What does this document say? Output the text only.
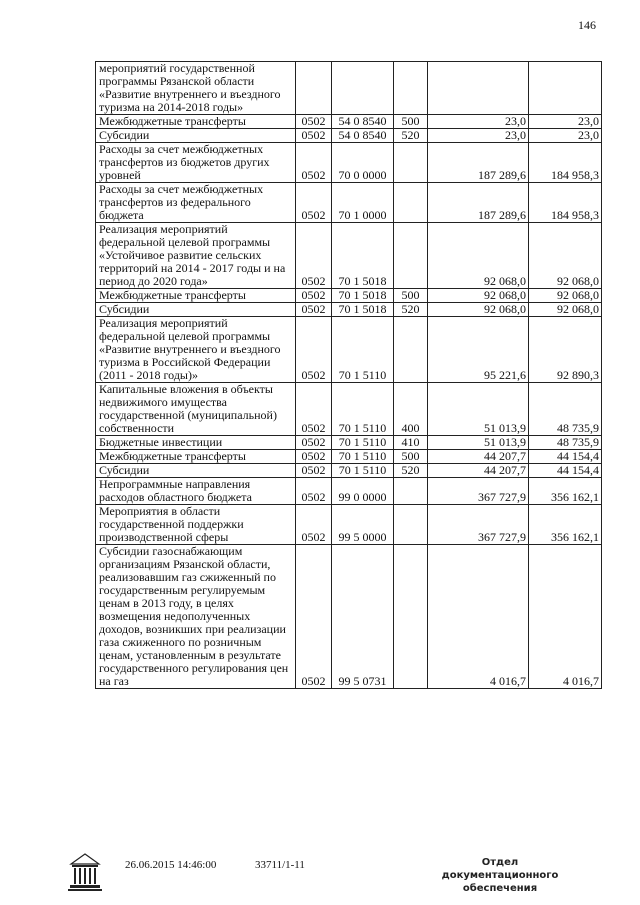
146
мероприятий государственной программы Рязанской области «Развитие внутреннего и въездного туризма на 2014-2018 годы»					
Межбюджетные трансферты	0502	54 0 8540	500	23,0	23,0
Субсидии	0502	54 0 8540	520	23,0	23,0
Расходы за счет межбюджетных трансфертов из бюджетов других уровней	0502	70 0 0000		187 289,6	184 958,3
Расходы за счет межбюджетных трансфертов из федерального бюджета	0502	70 1 0000		187 289,6	184 958,3
Реализация мероприятий федеральной целевой программы «Устойчивое развитие сельских территорий на 2014 - 2017 годы и на период до 2020 года»	0502	70 1 5018		92 068,0	92 068,0
Межбюджетные трансферты	0502	70 1 5018	500	92 068,0	92 068,0
Субсидии	0502	70 1 5018	520	92 068,0	92 068,0
Реализация мероприятий федеральной целевой программы «Развитие внутреннего и въездного туризма в Российской Федерации (2011 - 2018 годы)»	0502	70 1 5110		95 221,6	92 890,3
Капитальные вложения в объекты недвижимого имущества государственной (муниципальной) собственности	0502	70 1 5110	400	51 013,9	48 735,9
Бюджетные инвестиции	0502	70 1 5110	410	51 013,9	48 735,9
Межбюджетные трансферты	0502	70 1 5110	500	44 207,7	44 154,4
Субсидии	0502	70 1 5110	520	44 207,7	44 154,4
Непрограммные направления расходов областного бюджета	0502	99 0 0000		367 727,9	356 162,1
Мероприятия в области государственной поддержки производственной сферы	0502	99 5 0000		367 727,9	356 162,1
Субсидии газоснабжающим организациям Рязанской области, реализовавшим газ сжиженный по государственным регулируемым ценам в 2013 году, в целях возмещения недополученных доходов, возникших при реализации газа сжиженного по розничным ценам, установленным в результате государственного регулирования цен на газ	0502	99 5 0731		4 016,7	4 016,7
26.06.2015 14:46:00	33711/1-11	Отдел документационного
обеспечения
